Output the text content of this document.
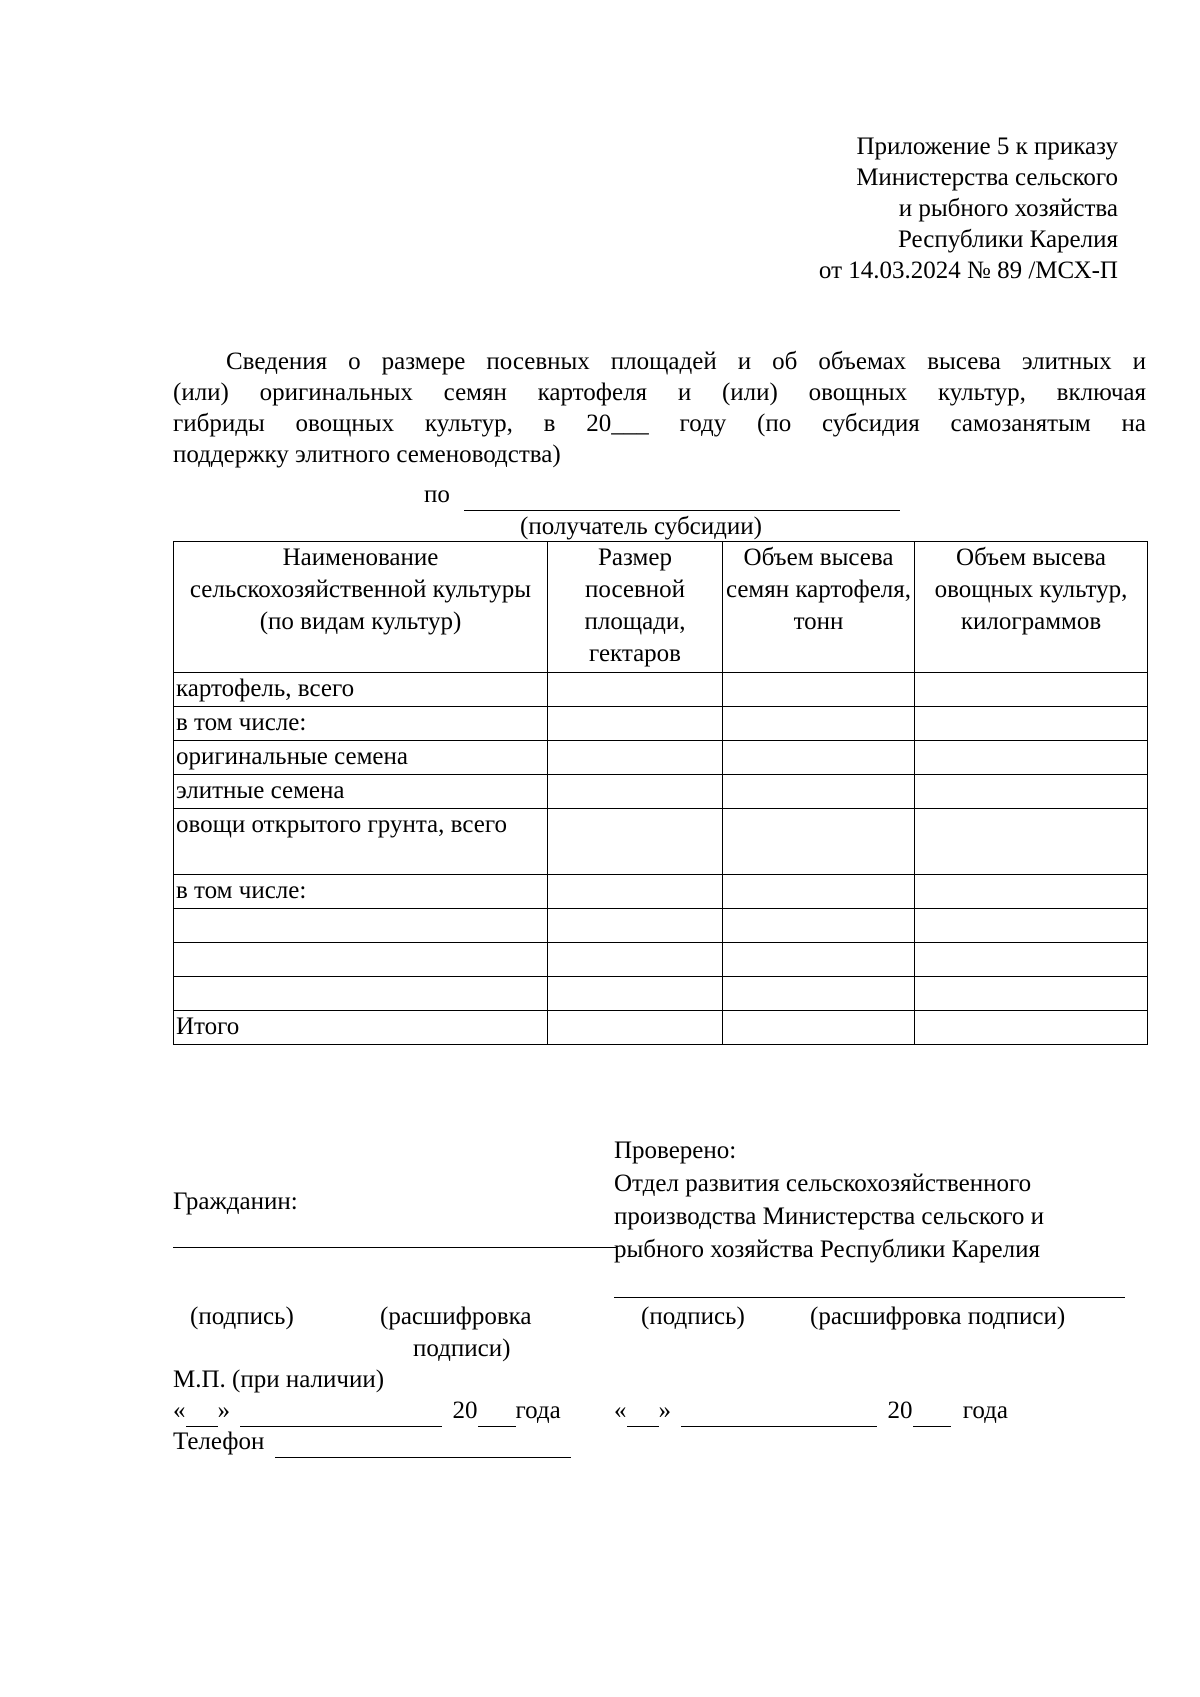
Приложение 5 к приказу
Министерства сельского
и рыбного хозяйства
Республики Карелия
от 14.03.2024 № 89 /МСХ-П
Сведения о размере посевных площадей и об объемах высева элитных и
(или) оригинальных семян картофеля и (или) овощных культур, включая
гибриды овощных культур, в 20___ году (по субсидия самозанятым на
поддержку элитного семеноводства)
по
(получатель субсидии)
Наименование сельскохозяйственной культуры (по видам культур)	Размер посевной площади, гектаров	Объем высева семян картофеля, тонн	Объем высева овощных культур, килограммов
картофель, всего			
в том числе:			
оригинальные семена			
элитные семена			
овощи открытого грунта, всего			
в том числе:			

Итого			
Гражданин:
Проверено:
Отдел развития сельскохозяйственного производства Министерства сельского и рыбного хозяйства Республики Карелия
(подпись)	(расшифровка
подписи)
(подпись)	(расшифровка подписи)
М.П. (при наличии)
« »	20 года « »	20 года
Телефон
